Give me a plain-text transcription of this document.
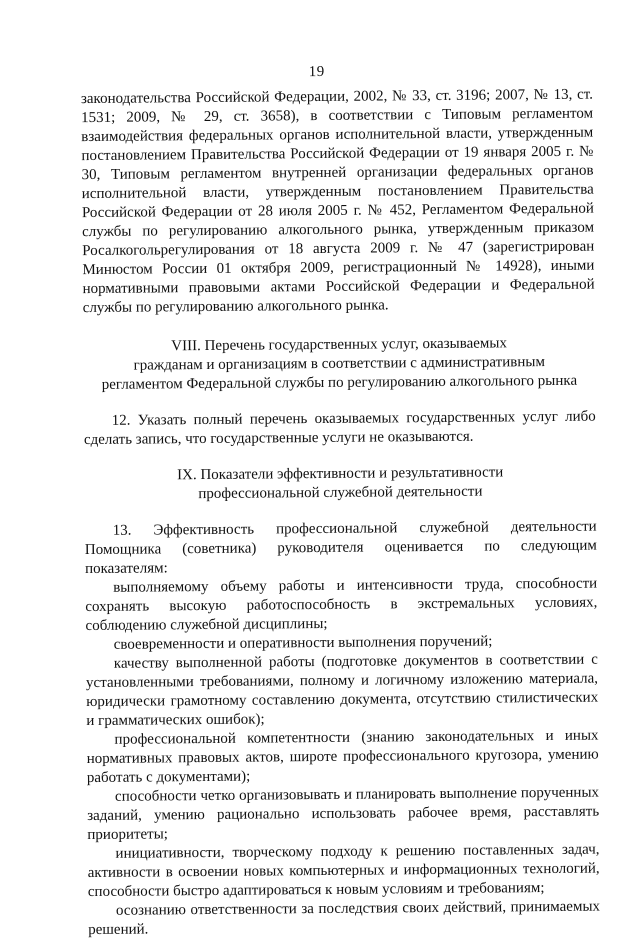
19

законодательства Российской Федерации, 2002, № 33, ст. 3196; 2007, № 13, ст. 1531; 2009, № 29, ст. 3658), в соответствии с Типовым регламентом взаимодействия федеральных органов исполнительной власти, утвержденным постановлением Правительства Российской Федерации от 19 января 2005 г. № 30, Типовым регламентом внутренней организации федеральных органов исполнительной власти, утвержденным постановлением Правительства Российской Федерации от 28 июля 2005 г. № 452, Регламентом Федеральной службы по регулированию алкогольного рынка, утвержденным приказом Росалкогольрегулирования от 18 августа 2009 г. № 47 (зарегистрирован Минюстом России 01 октября 2009, регистрационный № 14928), иными нормативными правовыми актами Российской Федерации и Федеральной службы по регулированию алкогольного рынка.

VIII. Перечень государственных услуг, оказываемых

гражданам и организациям в соответствии с административным

регламентом Федеральной службы по регулированию алкогольного рынка

12. Указать полный перечень оказываемых государственных услуг либо сделать запись, что государственные услуги не оказываются.

IX. Показатели эффективности и результативности

профессиональной служебной деятельности

13. Эффективность профессиональной служебной деятельности Помощника (советника) руководителя оценивается по следующим показателям:

выполняемому объему работы и интенсивности труда, способности сохранять высокую работоспособность в экстремальных условиях, соблюдению служебной дисциплины;

своевременности и оперативности выполнения поручений;

качеству выполненной работы (подготовке документов в соответствии с установленными требованиями, полному и логичному изложению материала, юридически грамотному составлению документа, отсутствию стилистических и грамматических ошибок);

профессиональной компетентности (знанию законодательных и иных нормативных правовых актов, широте профессионального кругозора, умению работать с документами);

способности четко организовывать и планировать выполнение порученных заданий, умению рационально использовать рабочее время, расставлять приоритеты;

инициативности, творческому подходу к решению поставленных задач, активности в освоении новых компьютерных и информационных технологий, способности быстро адаптироваться к новым условиям и требованиям;

осознанию ответственности за последствия своих действий, принимаемых решений.
